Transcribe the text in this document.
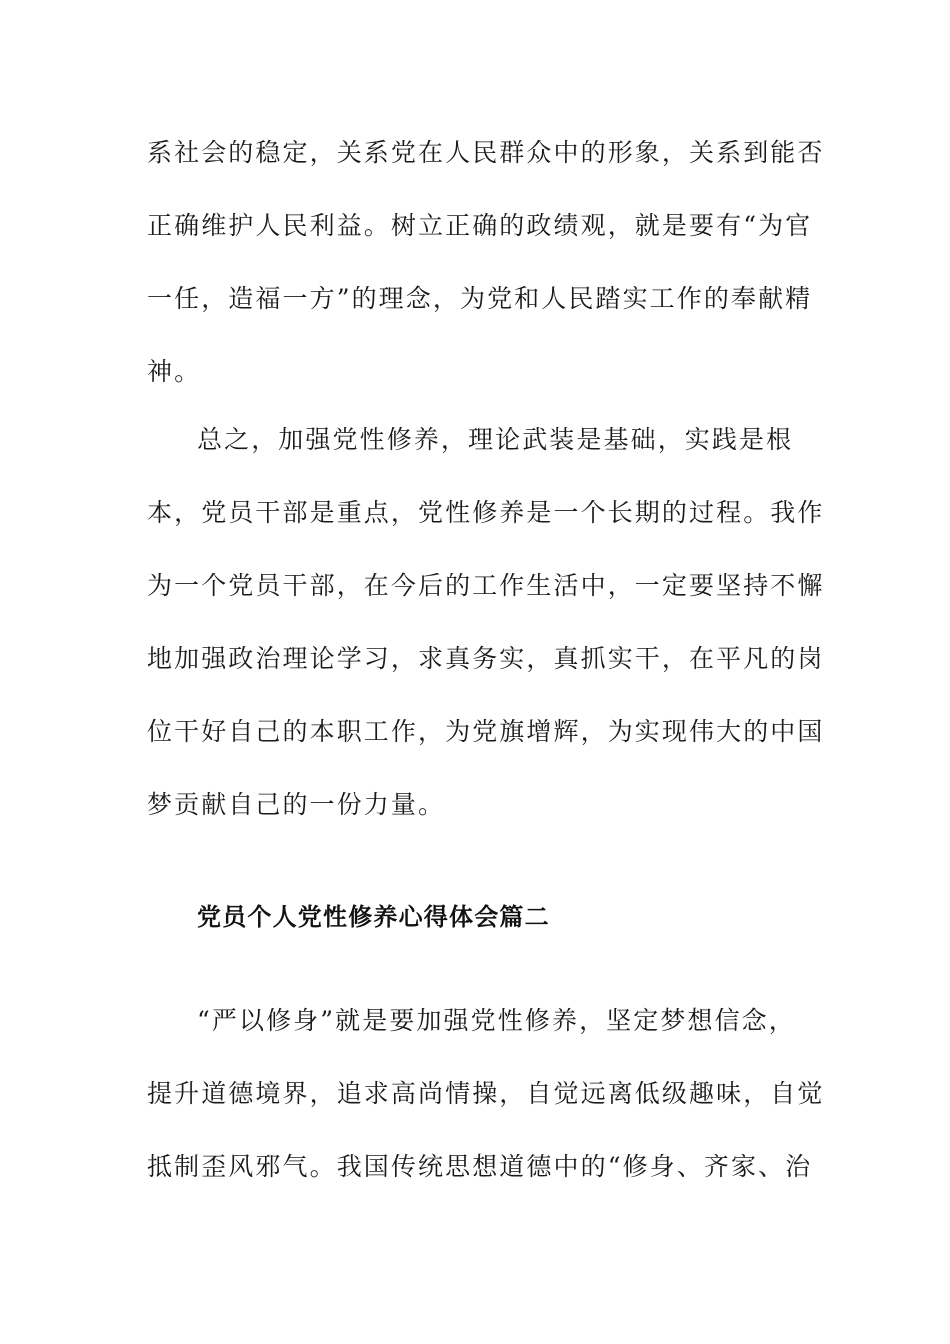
系社会的稳定，关系党在人民群众中的形象，关系到能否
正确维护人民利益。树立正确的政绩观，就是要有“为官
一任，造福一方”的理念，为党和人民踏实工作的奉献精
神。
总之，加强党性修养，理论武装是基础，实践是根
本，党员干部是重点，党性修养是一个长期的过程。我作
为一个党员干部，在今后的工作生活中，一定要坚持不懈
地加强政治理论学习，求真务实，真抓实干，在平凡的岗
位干好自己的本职工作，为党旗增辉，为实现伟大的中国
梦贡献自己的一份力量。
党员个人党性修养心得体会篇二
“严以修身”就是要加强党性修养，坚定梦想信念，
提升道德境界，追求高尚情操，自觉远离低级趣味，自觉
抵制歪风邪气。我国传统思想道德中的“修身、齐家、治
